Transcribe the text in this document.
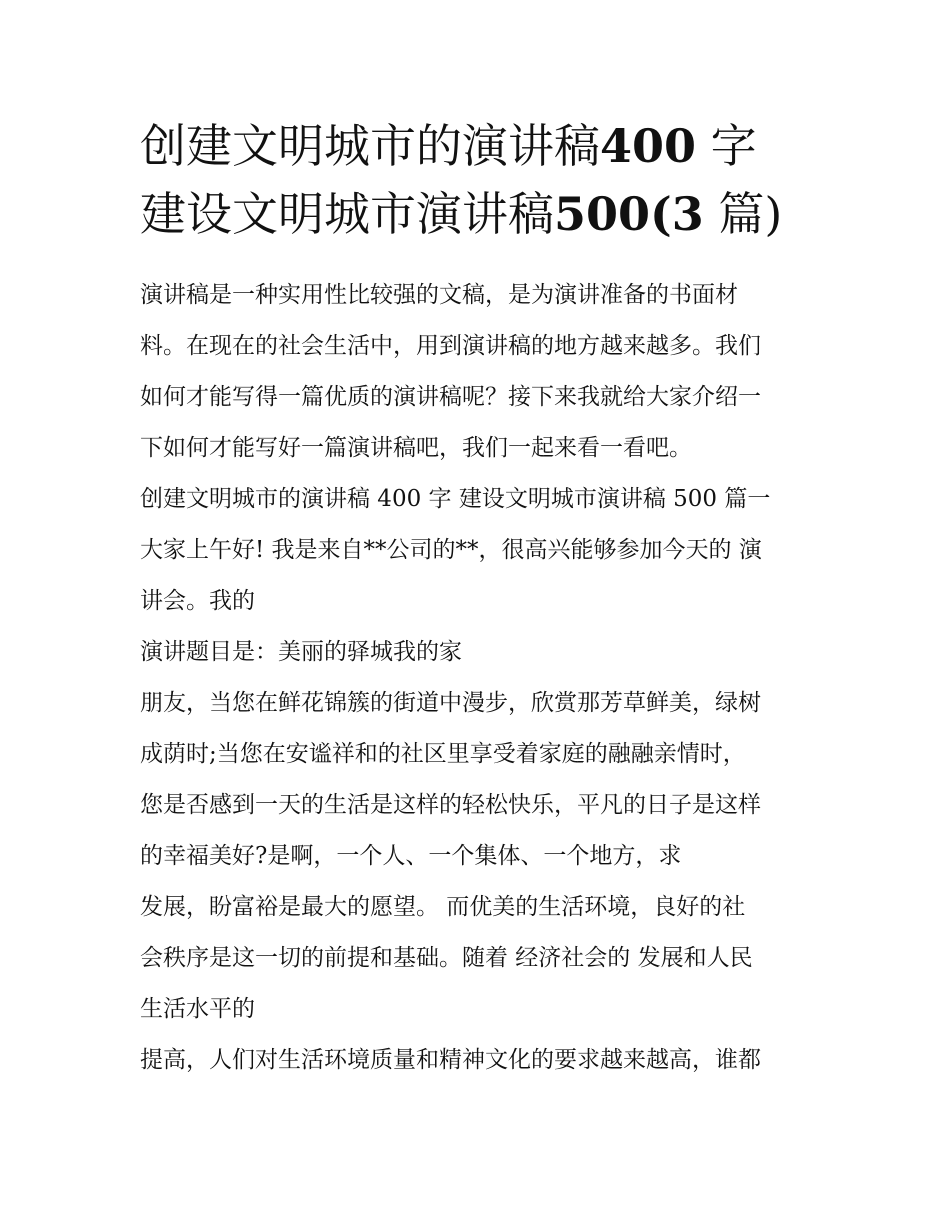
创建文明城市的演讲稿400 字
建设文明城市演讲稿500(3 篇)
演讲稿是一种实用性比较强的文稿，是为演讲准备的书面材
料。在现在的社会生活中，用到演讲稿的地方越来越多。我们
如何才能写得一篇优质的演讲稿呢？接下来我就给大家介绍一
下如何才能写好一篇演讲稿吧，我们一起来看一看吧。
创建文明城市的演讲稿 400 字 建设文明城市演讲稿 500 篇一
大家上午好! 我是来自**公司的**，很高兴能够参加今天的 演
讲会。我的
演讲题目是：美丽的驿城我的家
朋友，当您在鲜花锦簇的街道中漫步，欣赏那芳草鲜美，绿树
成荫时;当您在安谧祥和的社区里享受着家庭的融融亲情时，
您是否感到一天的生活是这样的轻松快乐，平凡的日子是这样
的幸福美好?是啊，一个人、一个集体、一个地方，求
发展，盼富裕是最大的愿望。 而优美的生活环境，良好的社
会秩序是这一切的前提和基础。随着 经济社会的 发展和人民
生活水平的
提高，人们对生活环境质量和精神文化的要求越来越高，谁都
